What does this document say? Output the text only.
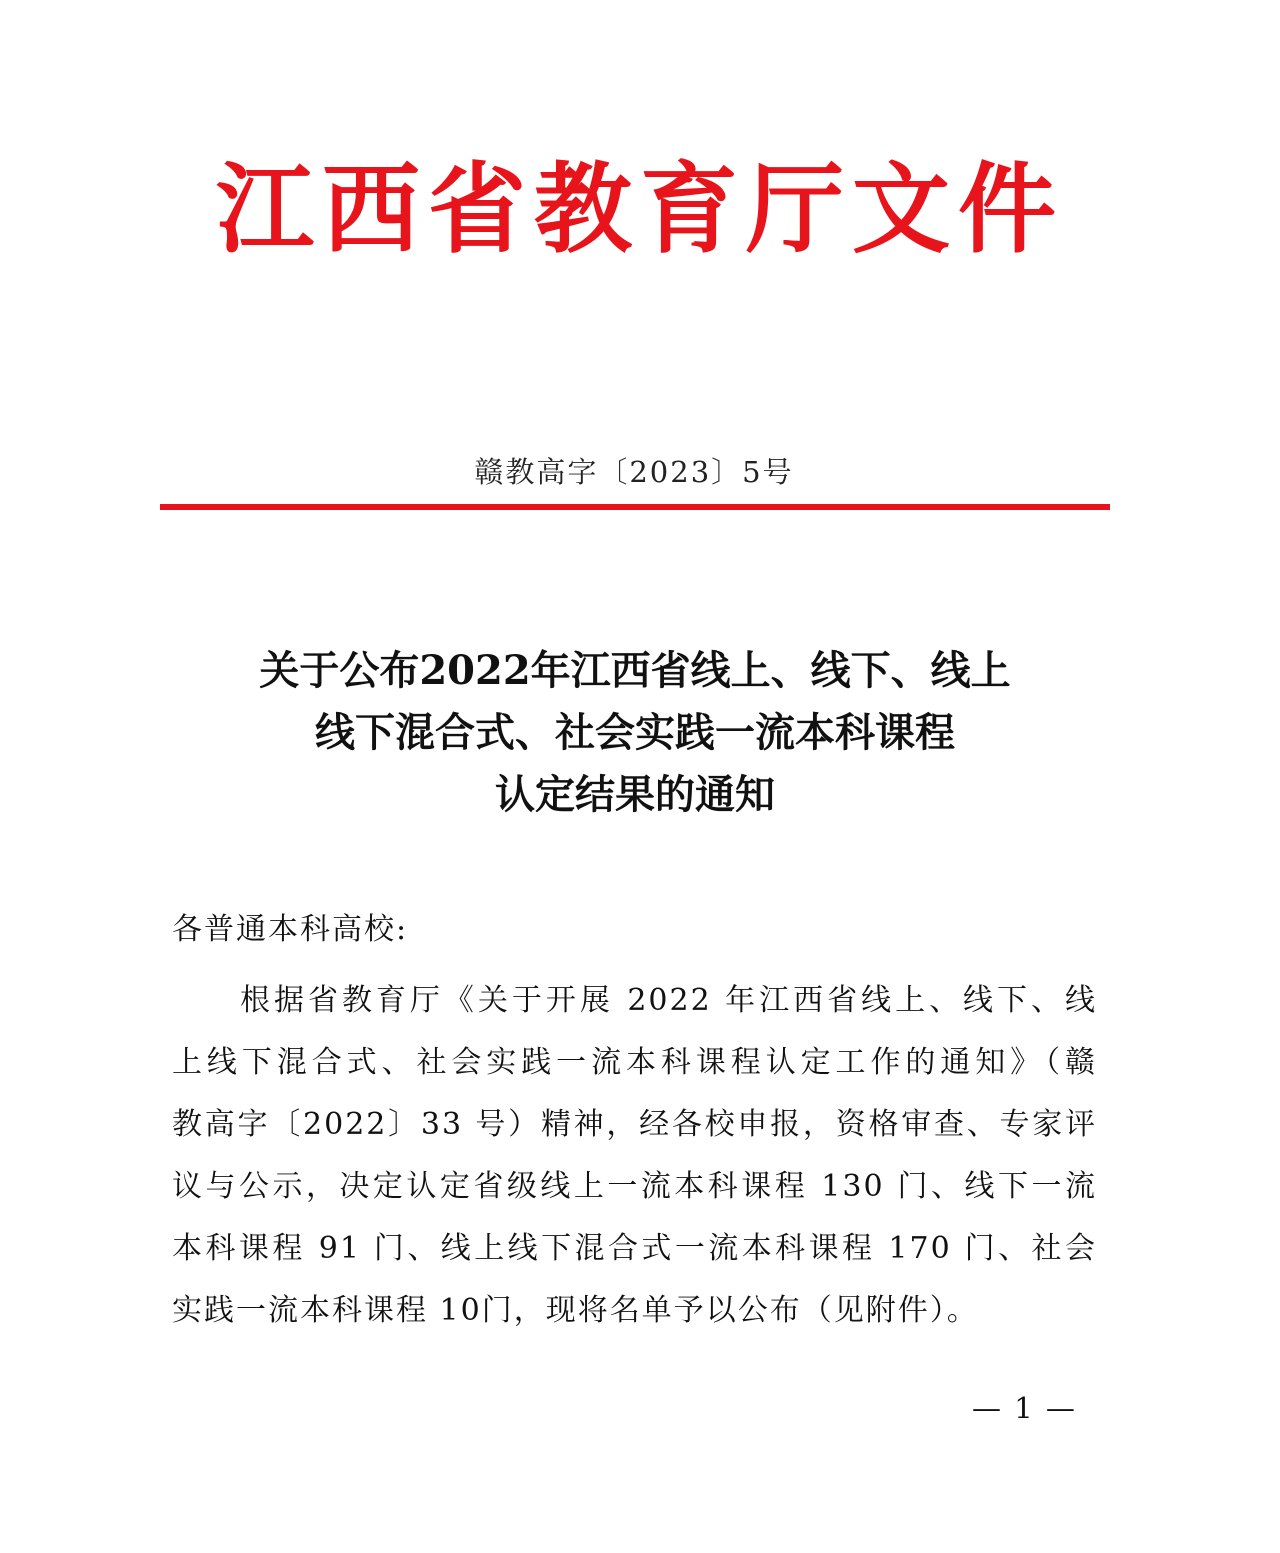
江西省教育厅文件
赣教高字〔2023〕5号
关于公布2022年江西省线上、线下、线上
线下混合式、社会实践一流本科课程
认定结果的通知
各普通本科高校:
根据省教育厅《关于开展 2022 年江西省线上、线下、线
上线下混合式、社会实践一流本科课程认定工作的通知》（赣
教高字〔2022〕33 号）精神，经各校申报，资格审查、专家评
议与公示，决定认定省级线上一流本科课程 130 门、线下一流
本科课程 91 门、线上线下混合式一流本科课程 170 门、社会
实践一流本科课程 10门，现将名单予以公布（见附件）。
— 1 —
